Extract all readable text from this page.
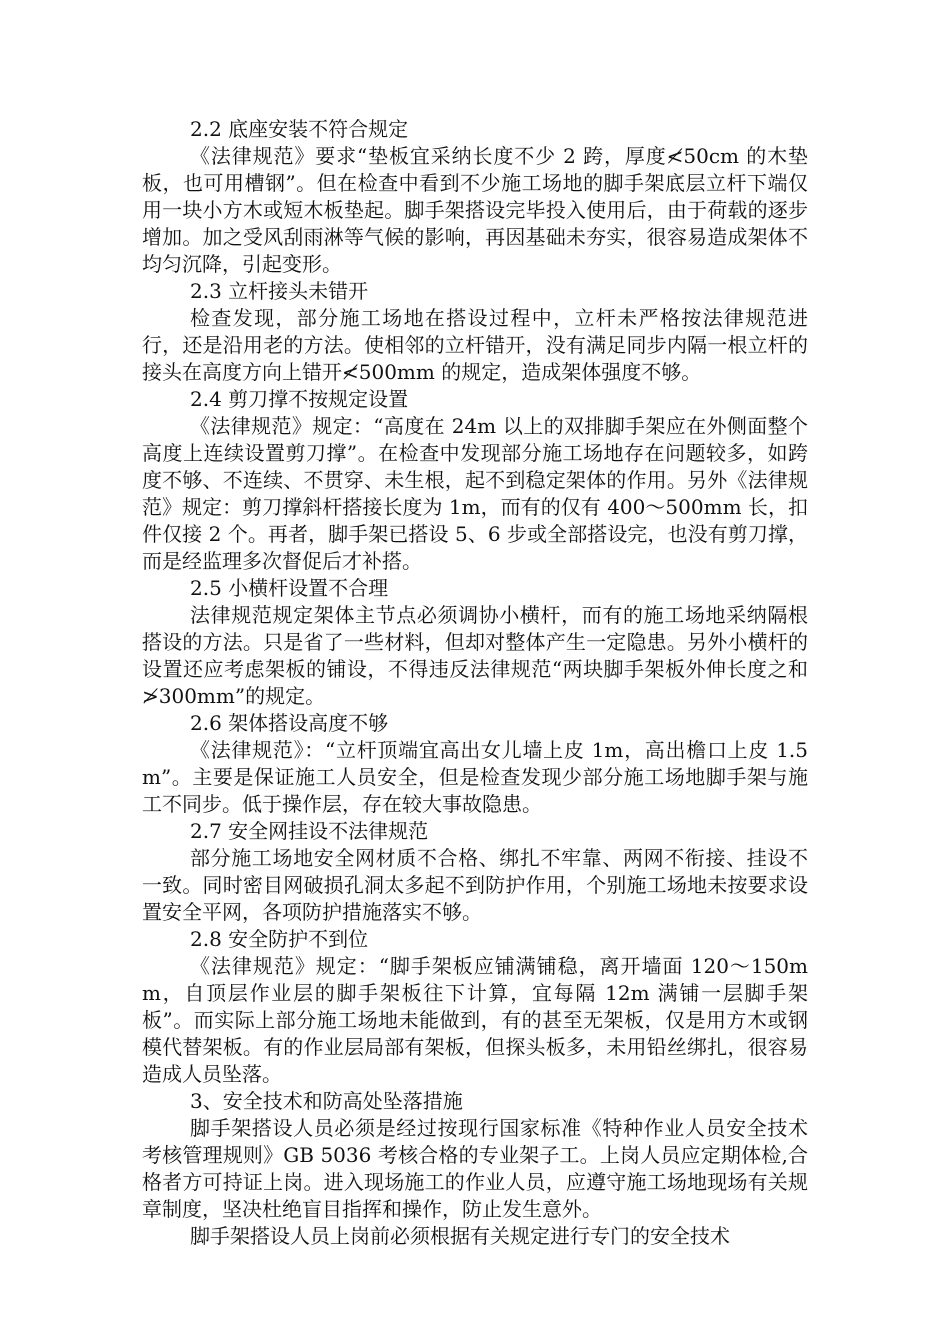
2.2 底座安装不符合规定

《法律规范》要求“垫板宜采纳长度不少 2 跨，厚度≮50cm 的木垫板，也可用槽钢”。但在检查中看到不少施工场地的脚手架底层立杆下端仅用一块小方木或短木板垫起。脚手架搭设完毕投入使用后，由于荷载的逐步增加。加之受风刮雨淋等气候的影响，再因基础未夯实，很容易造成架体不均匀沉降，引起变形。

2.3 立杆接头未错开

检查发现，部分施工场地在搭设过程中，立杆未严格按法律规范进行，还是沿用老的方法。使相邻的立杆错开，没有满足同步内隔一根立杆的接头在高度方向上错开≮500mm 的规定，造成架体强度不够。

2.4 剪刀撑不按规定设置

《法律规范》规定：“高度在 24m 以上的双排脚手架应在外侧面整个高度上连续设置剪刀撑”。在检查中发现部分施工场地存在问题较多，如跨度不够、不连续、不贯穿、未生根，起不到稳定架体的作用。另外《法律规范》规定：剪刀撑斜杆搭接长度为 1m，而有的仅有 400～500mm 长，扣件仅接 2 个。再者，脚手架已搭设 5、6 步或全部搭设完，也没有剪刀撑，而是经监理多次督促后才补搭。

2.5 小横杆设置不合理

法律规范规定架体主节点必须调协小横杆，而有的施工场地采纳隔根搭设的方法。只是省了一些材料，但却对整体产生一定隐患。另外小横杆的设置还应考虑架板的铺设，不得违反法律规范“两块脚手架板外伸长度之和≯300mm”的规定。

2.6 架体搭设高度不够

《法律规范》：“立杆顶端宜高出女儿墙上皮 1m，高出檐口上皮 1.5m”。主要是保证施工人员安全，但是检查发现少部分施工场地脚手架与施工不同步。低于操作层，存在较大事故隐患。

2.7 安全网挂设不法律规范

部分施工场地安全网材质不合格、绑扎不牢靠、两网不衔接、挂设不一致。同时密目网破损孔洞太多起不到防护作用，个别施工场地未按要求设置安全平网，各项防护措施落实不够。

2.8 安全防护不到位

《法律规范》规定：“脚手架板应铺满铺稳，离开墙面 120～150mm，自顶层作业层的脚手架板往下计算，宜每隔 12m 满铺一层脚手架板”。而实际上部分施工场地未能做到，有的甚至无架板，仅是用方木或钢模代替架板。有的作业层局部有架板，但探头板多，未用铅丝绑扎，很容易造成人员坠落。

3、安全技术和防高处坠落措施

脚手架搭设人员必须是经过按现行国家标准《特种作业人员安全技术考核管理规则》GB 5036 考核合格的专业架子工。上岗人员应定期体检,合格者方可持证上岗。进入现场施工的作业人员，应遵守施工场地现场有关规章制度，坚决杜绝盲目指挥和操作，防止发生意外。

脚手架搭设人员上岗前必须根据有关规定进行专门的安全技术
